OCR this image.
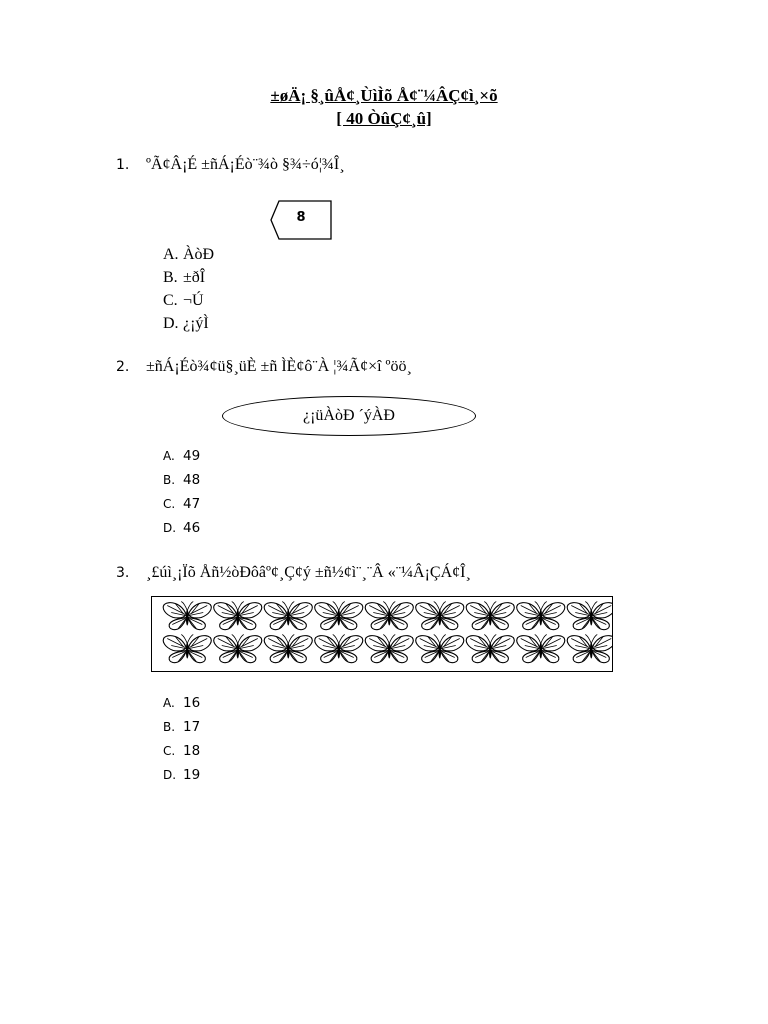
±øÄ¡ §¸ûÅ¢¸ÙìÌõ Å¢¨¼ÂÇ¢ì¸×õ
[ 40 ÒûÇ¢¸û]
1. ºÃ¢Â¡É ±ñÁ¡Éò¨¾ò §¾÷ó¦¾Î¸
8
A. ÀòÐ
B. ±ðÎ
C. ¬Ú
D. ¿¡ýÌ
2. ±ñÁ¡Éò¾¢ü§¸üÈ ±ñ ÌÈ¢ô¨À ¦¾Ã¢×î ºöö¸
¿¡üÀòÐ ´ýÀÐ
A. 49
B. 48
C. 47
D. 46
3. ¸£úì¸¡Ïõ Åñ½òÐôâº¢¸Ç¢ý ±ñ½¢ì¨¸¨Â «¨¼Â¡ÇÁ¢Î¸
A. 16
B. 17
C. 18
D. 19
